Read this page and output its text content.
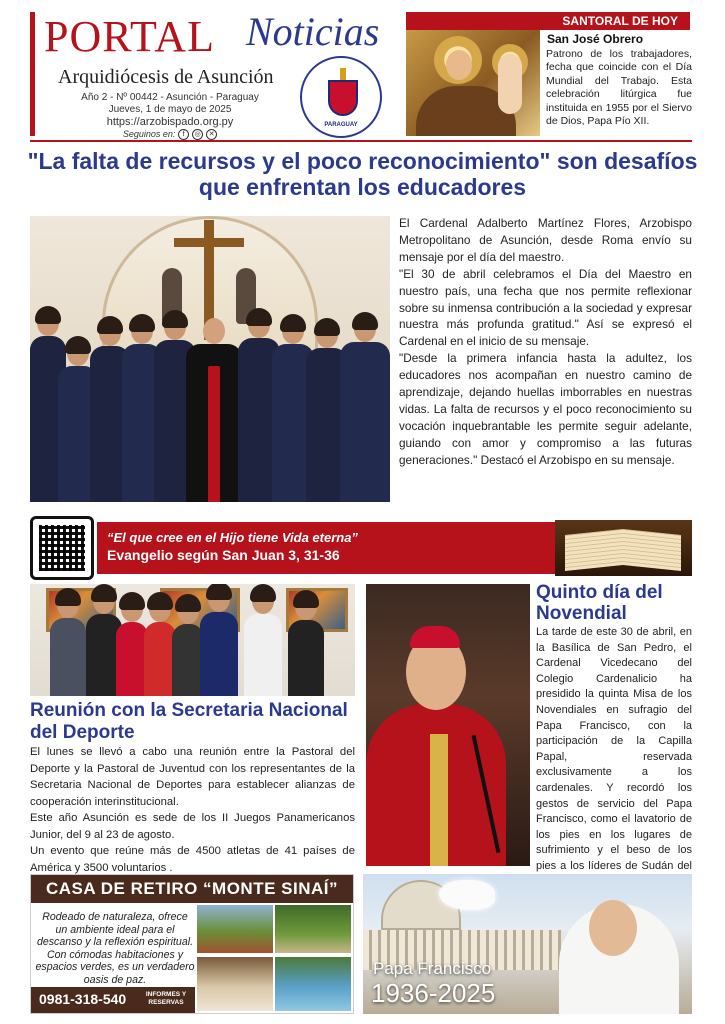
PORTAL Noticias
Arquidiócesis de Asunción
Año 2 - Nº 00442 - Asunción - Paraguay
Jueves, 1 de mayo de 2025
https://arzobispado.org.py
Seguinos en:	f	◎	✕
PARAGUAY
SANTORAL DE HOY
San José Obrero
Patrono de los trabajadores, fecha que coincide con el Día Mundial del Trabajo. Esta celebración litúrgica fue instituida en 1955 por el Siervo de Dios, Papa Pío XII.
"La falta de recursos y el poco reconocimiento" son desafíos que enfrentan los educadores

El Cardenal Adalberto Martínez Flores, Arzobispo Metropolitano de Asunción, desde Roma envío su mensaje por el día del maestro.

"El 30 de abril celebramos el Día del Maestro en nuestro país, una fecha que nos permite reflexionar sobre su inmensa contribución a la sociedad y expresar nuestra más profunda gratitud." Así se expresó el Cardenal en el inicio de su mensaje.

"Desde la primera infancia hasta la adultez, los educadores nos acompañan en nuestro camino de aprendizaje, dejando huellas imborrables en nuestras vidas. La falta de recursos y el poco reconocimiento su vocación inquebrantable les permite seguir adelante, guiando con amor y compromiso a las futuras generaciones." Destacó el Arzobispo en su mensaje.

“El que cree en el Hijo tiene Vida eterna”
Evangelio según San Juan 3, 31-36
Reunión con la Secretaria Nacional del Deporte

El lunes se llevó a cabo una reunión entre la Pastoral del Deporte y la Pastoral de Juventud con los representantes de la Secretaria Nacional de Deportes para establecer alianzas de cooperación interinstitucional.

Este año Asunción es sede de los II Juegos Panamericanos Junior, del 9 al 23 de agosto.

Un evento que reúne más de 4500 atletas de 41 países de América y 3500 voluntarios .

Quinto día del Novendial
La tarde de este 30 de abril, en la Basílica de San Pedro, el Cardenal Vicedecano del Colegio Cardenalicio ha presidido la quinta Misa de los Novendiales en sufragio del Papa Francisco, con la participación de la Capilla Papal, reservada exclusivamente a los cardenales. Y recordó los gestos de servicio del Papa Francisco, como el lavatorio de los pies en los lugares de sufrimiento y el beso de los pies a los líderes de Sudán del
CASA DE RETIRO “MONTE SINAÍ”
Rodeado de naturaleza, ofrece un ambiente ideal para el descanso y la reflexión espiritual. Con cómodas habitaciones y espacios verdes, es un verdadero oasis de paz.
0981-318-540	INFORMES Y RESERVAS
Papa Francisco
1936-2025
